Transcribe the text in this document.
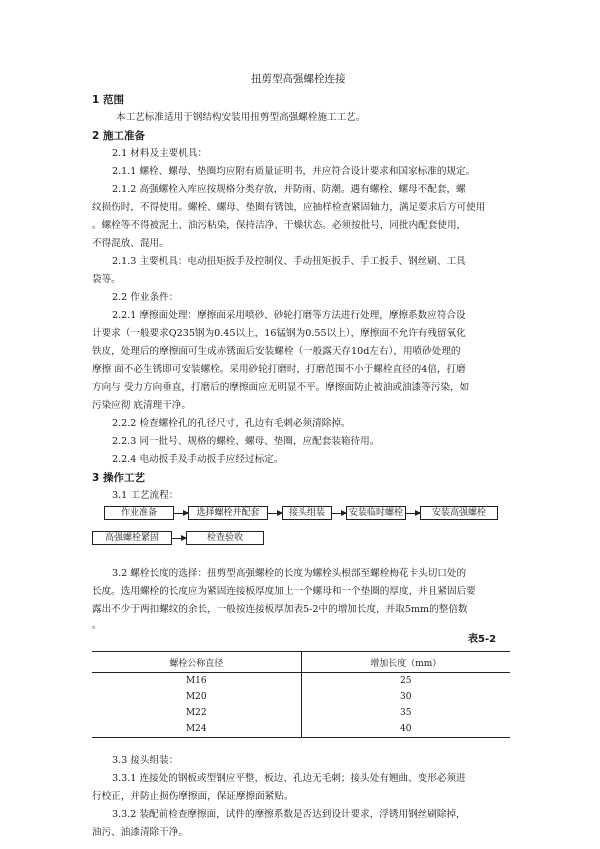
扭剪型高强螺栓连接
1 范围
本工艺标准适用于钢结构安装用扭剪型高强螺栓施工工艺。
2 施工准备
2.1 材料及主要机具：
2.1.1 螺栓、螺母、垫圈均应附有质量证明书，并应符合设计要求和国家标准的规定。
2.1.2 高强螺栓入库应按规格分类存放，并防雨、防潮。遇有螺栓、螺母不配套，螺
纹损伤时，不得使用。螺栓、螺母、垫圈有锈蚀，应抽样检查紧固轴力，满足要求后方可使用
。螺栓等不得被泥土、油污粘染，保持洁净、干燥状态。必须按批号，同批内配套使用，
不得混放、混用。
2.1.3 主要机具：电动扭矩扳手及控制仪、手动扭矩扳手、手工扳手、钢丝刷、工具
袋等。
2.2 作业条件：
2.2.1 摩擦面处理：摩擦面采用喷砂、砂轮打磨等方法进行处理，摩擦系数应符合设
计要求（一般要求Q235钢为0.45以上，16锰钢为0.55以上），摩擦面不允许有残留氧化
铁皮，处理后的摩擦面可生成赤锈面后安装螺栓（一般露天存10d左右），用喷砂处理的
摩擦 面不必生锈即可安装螺栓。采用砂轮打磨时，打磨范围不小于螺栓直径的4倍，打磨
方向与 受力方向垂直，打磨后的摩擦面应无明显不平。摩擦面防止被油或油漆等污染，如
污染应彻 底清理干净。
2.2.2 检查螺栓孔的孔径尺寸，孔边有毛刺必须清除掉。
2.2.3 同一批号、规格的螺栓、螺母、垫圈，应配套装箱待用。
2.2.4 电动扳手及手动扳手应经过标定。
3 操作工艺
3.1 工艺流程：
作业准备	选择螺栓并配套	接头组装	安装临时螺栓	安装高强螺栓
高强螺栓紧固	检查验收
3.2 螺栓长度的选择：扭剪型高强螺栓的长度为螺栓头根部至螺栓梅花卡头切口处的
长度。选用螺栓的长度应为紧固连接板厚度加上一个螺母和一个垫圈的厚度，并且紧固后要
露出不少于两扣螺纹的余长，一般按连接板厚加表5-2中的增加长度，并取5mm的整倍数
。
表5-2
螺栓公称直径	增加长度（mm）
M16	25
M20	30
M22	35
M24	40
3.3 接头组装：
3.3.1 连接处的钢板或型钢应平整，板边、孔边无毛刺；接头处有翘曲、变形必须进
行校正，并防止损伤摩擦面，保证摩擦面紧贴。
3.3.2 装配前检查摩擦面，试件的摩擦系数是否达到设计要求，浮锈用钢丝刷除掉，
油污、油漆清除干净。
